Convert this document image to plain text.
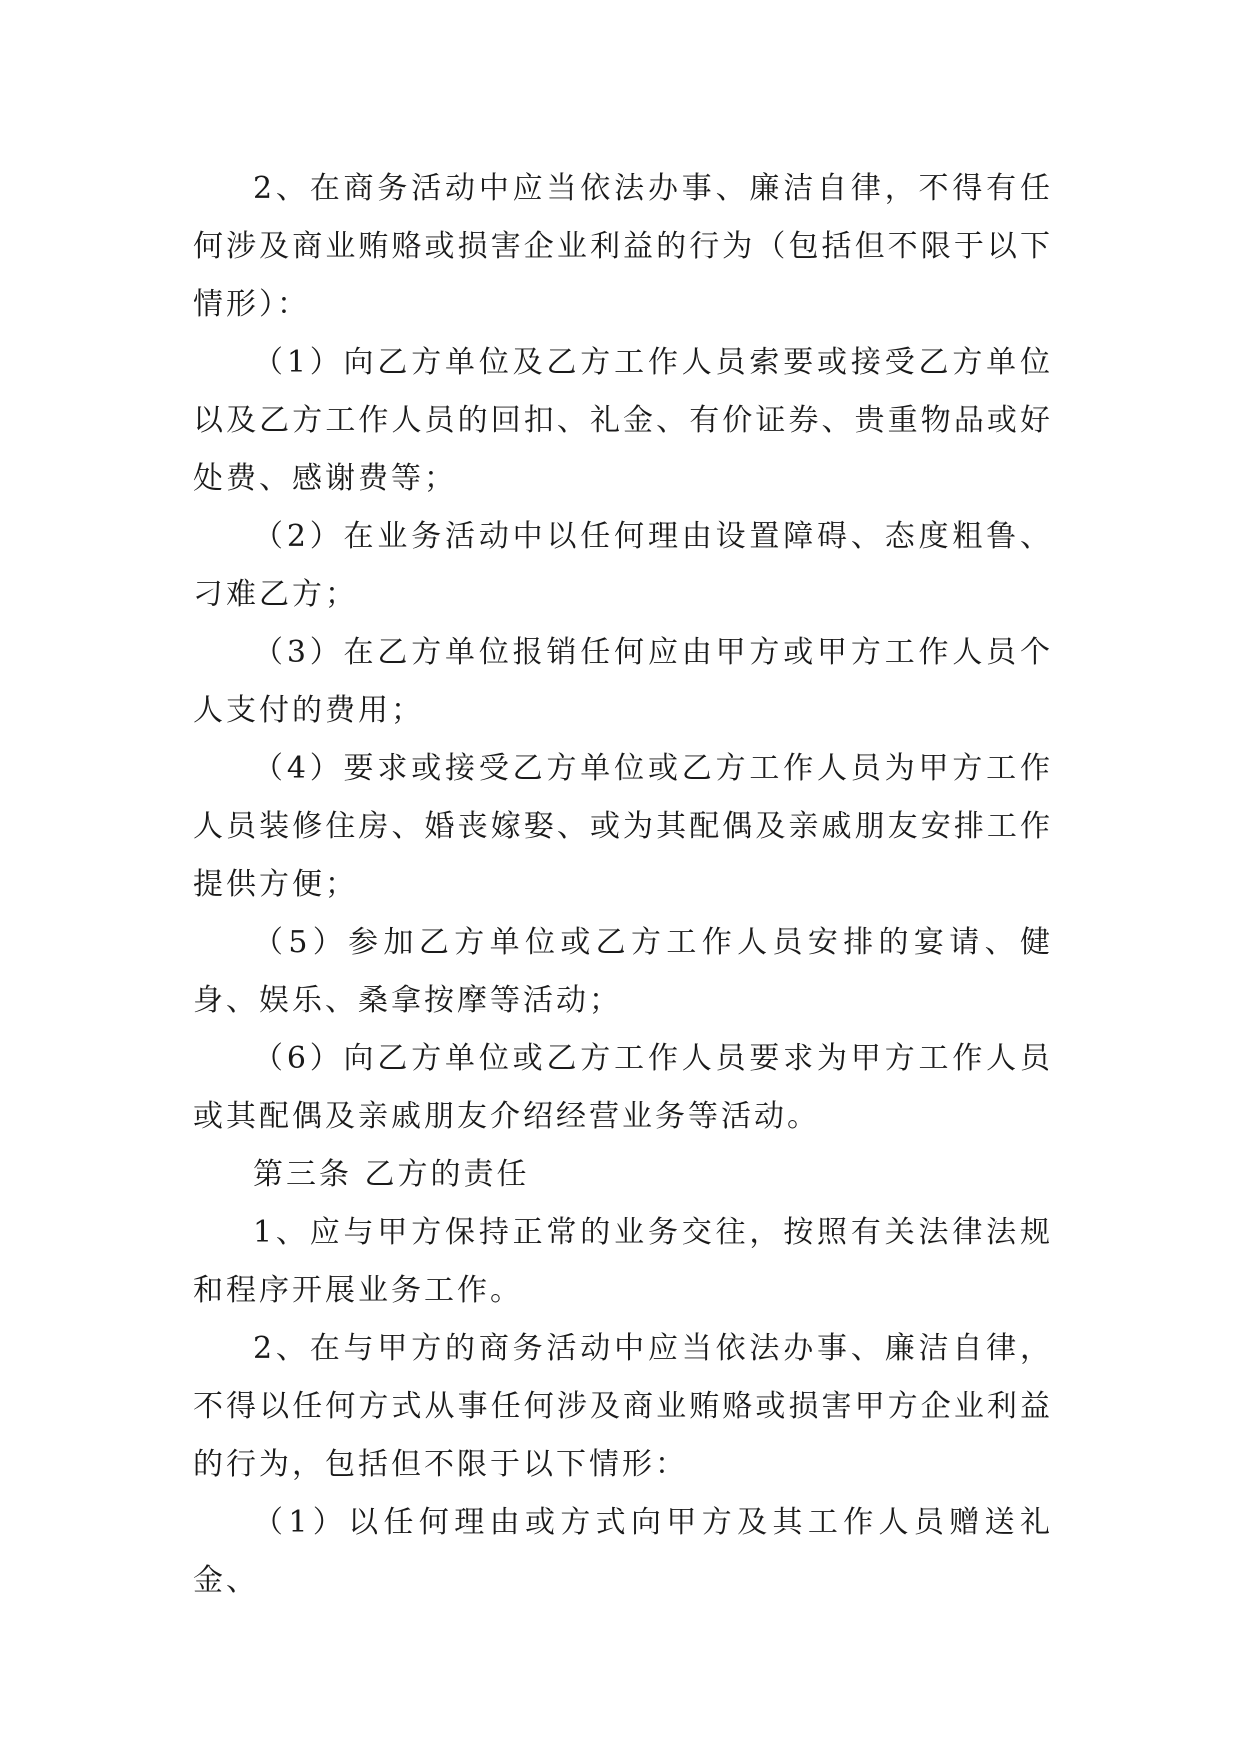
2、在商务活动中应当依法办事、廉洁自律，不得有任何涉及商业贿赂或损害企业利益的行为（包括但不限于以下情形）：

（1）向乙方单位及乙方工作人员索要或接受乙方单位以及乙方工作人员的回扣、礼金、有价证券、贵重物品或好处费、感谢费等；

（2）在业务活动中以任何理由设置障碍、态度粗鲁、刁难乙方；

（3）在乙方单位报销任何应由甲方或甲方工作人员个人支付的费用；

（4）要求或接受乙方单位或乙方工作人员为甲方工作人员装修住房、婚丧嫁娶、或为其配偶及亲戚朋友安排工作提供方便；

（5）参加乙方单位或乙方工作人员安排的宴请、健身、娱乐、桑拿按摩等活动；

（6）向乙方单位或乙方工作人员要求为甲方工作人员或其配偶及亲戚朋友介绍经营业务等活动。

第三条 乙方的责任

1、应与甲方保持正常的业务交往，按照有关法律法规和程序开展业务工作。

2、在与甲方的商务活动中应当依法办事、廉洁自律，不得以任何方式从事任何涉及商业贿赂或损害甲方企业利益的行为，包括但不限于以下情形：

（1）以任何理由或方式向甲方及其工作人员赠送礼金、
